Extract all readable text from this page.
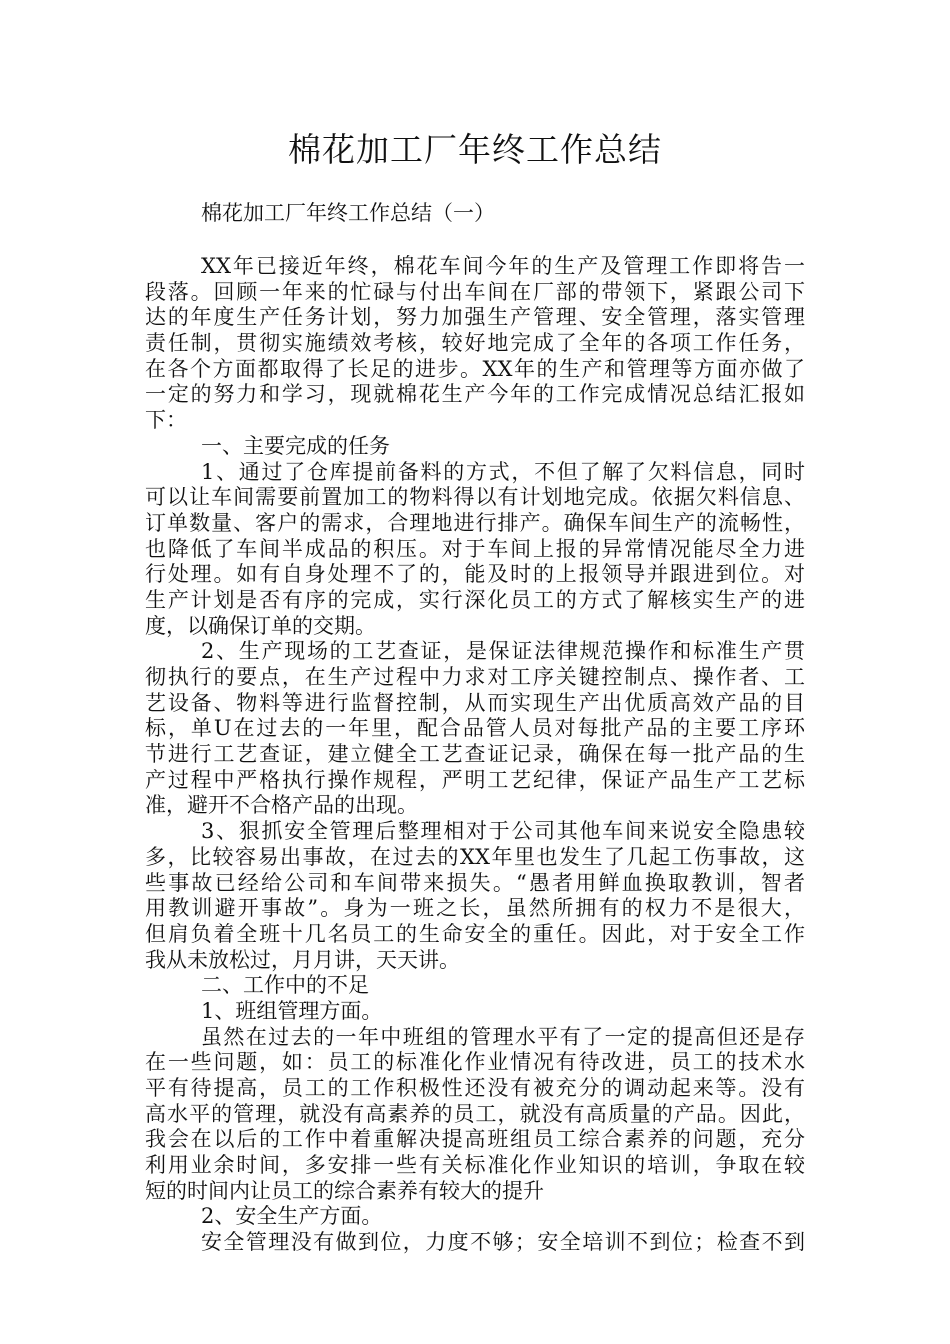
棉花加工厂年终工作总结

棉花加工厂年终工作总结（一）

XX年已接近年终，棉花车间今年的生产及管理工作即将告一
段落。回顾一年来的忙碌与付出车间在厂部的带领下，紧跟公司下
达的年度生产任务计划，努力加强生产管理、安全管理，落实管理
责任制，贯彻实施绩效考核，较好地完成了全年的各项工作任务，
在各个方面都取得了长足的进步。XX年的生产和管理等方面亦做了
一定的努力和学习，现就棉花生产今年的工作完成情况总结汇报如
下：
一、主要完成的任务
1、通过了仓库提前备料的方式，不但了解了欠料信息，同时
可以让车间需要前置加工的物料得以有计划地完成。依据欠料信息、
订单数量、客户的需求，合理地进行排产。确保车间生产的流畅性，
也降低了车间半成品的积压。对于车间上报的异常情况能尽全力进
行处理。如有自身处理不了的，能及时的上报领导并跟进到位。对
生产计划是否有序的完成，实行深化员工的方式了解核实生产的进
度，以确保订单的交期。
2、生产现场的工艺查证，是保证法律规范操作和标准生产贯
彻执行的要点，在生产过程中力求对工序关键控制点、操作者、工
艺设备、物料等进行监督控制，从而实现生产出优质高效产品的目
标，单U在过去的一年里，配合品管人员对每批产品的主要工序环
节进行工艺查证，建立健全工艺查证记录，确保在每一批产品的生
产过程中严格执行操作规程，严明工艺纪律，保证产品生产工艺标
准，避开不合格产品的出现。
3、狠抓安全管理后整理相对于公司其他车间来说安全隐患较
多，比较容易出事故，在过去的XX年里也发生了几起工伤事故，这
些事故已经给公司和车间带来损失。“愚者用鲜血换取教训，智者
用教训避开事故”。身为一班之长，虽然所拥有的权力不是很大，
但肩负着全班十几名员工的生命安全的重任。因此，对于安全工作
我从未放松过，月月讲，天天讲。
二、工作中的不足
1、班组管理方面。
虽然在过去的一年中班组的管理水平有了一定的提高但还是存
在一些问题，如：员工的标准化作业情况有待改进，员工的技术水
平有待提高，员工的工作积极性还没有被充分的调动起来等。没有
高水平的管理，就没有高素养的员工，就没有高质量的产品。因此，
我会在以后的工作中着重解决提高班组员工综合素养的问题，充分
利用业余时间，多安排一些有关标准化作业知识的培训，争取在较
短的时间内让员工的综合素养有较大的提升
2、安全生产方面。
安全管理没有做到位，力度不够；安全培训不到位；检查不到
